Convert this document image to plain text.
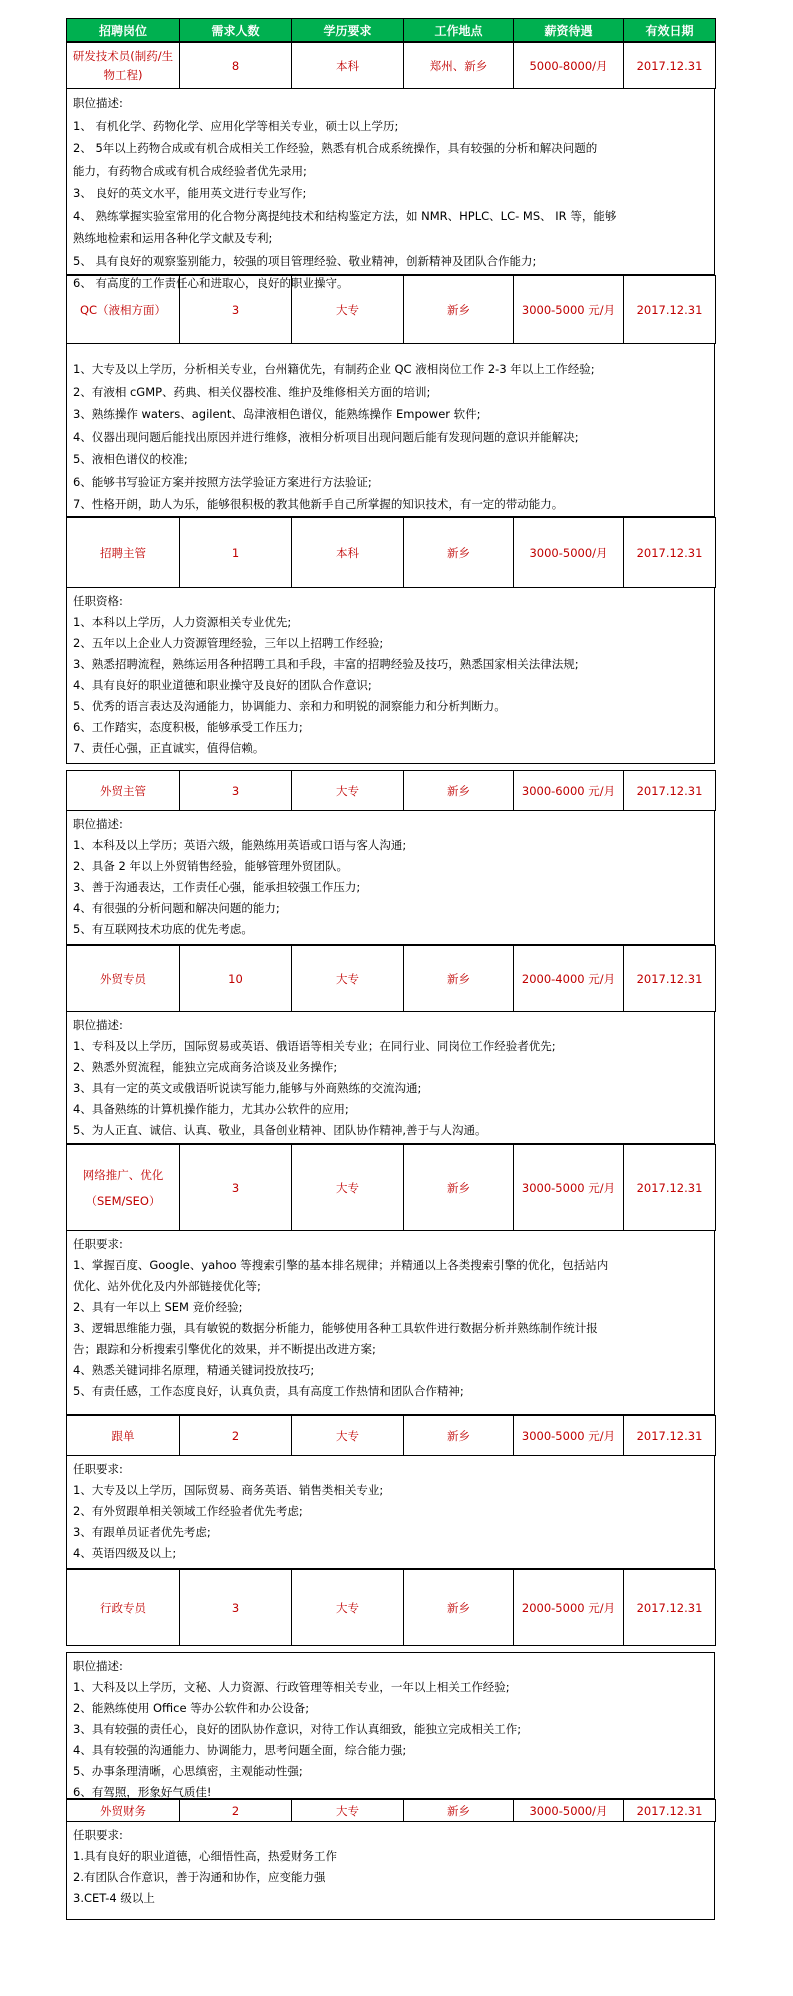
招聘岗位	需求人数	学历要求	工作地点	薪资待遇	有效日期
研发技术员(制药/生物工程)	8	本科	郑州、新乡	5000-8000/月	2017.12.31
职位描述:
1、 有机化学、药物化学、应用化学等相关专业，硕士以上学历;
2、 5年以上药物合成或有机合成相关工作经验，熟悉有机合成系统操作，具有较强的分析和解决问题的
能力，有药物合成或有机合成经验者优先录用;
3、 良好的英文水平，能用英文进行专业写作;
4、 熟练掌握实验室常用的化合物分离提纯技术和结构鉴定方法，如 NMR、HPLC、LC- MS、 IR 等，能够
熟练地检索和运用各种化学文献及专利;
5、 具有良好的观察鉴别能力，较强的项目管理经验、敬业精神，创新精神及团队合作能力;
6、 有高度的工作责任心和进取心，良好的职业操守。
QC（液相方面）	3	大专	新乡	3000-5000 元/月	2017.12.31
1、大专及以上学历，分析相关专业，台州籍优先，有制药企业 QC 液相岗位工作 2-3 年以上工作经验;
2、有液相 cGMP、药典、相关仪器校准、维护及维修相关方面的培训;
3、熟练操作 waters、agilent、岛津液相色谱仪，能熟练操作 Empower 软件;
4、仪器出现问题后能找出原因并进行维修，液相分析项目出现问题后能有发现问题的意识并能解决;
5、液相色谱仪的校准;
6、能够书写验证方案并按照方法学验证方案进行方法验证;
7、性格开朗，助人为乐，能够很积极的教其他新手自己所掌握的知识技术，有一定的带动能力。
招聘主管	1	本科	新乡	3000-5000/月	2017.12.31
任职资格:
1、本科以上学历，人力资源相关专业优先;
2、五年以上企业人力资源管理经验，三年以上招聘工作经验;
3、熟悉招聘流程，熟练运用各种招聘工具和手段，丰富的招聘经验及技巧，熟悉国家相关法律法规;
4、具有良好的职业道德和职业操守及良好的团队合作意识;
5、优秀的语言表达及沟通能力，协调能力、亲和力和明锐的洞察能力和分析判断力。
6、工作踏实，态度积极，能够承受工作压力;
7、责任心强，正直诚实，值得信赖。
外贸主管	3	大专	新乡	3000-6000 元/月	2017.12.31
职位描述:
1、本科及以上学历；英语六级，能熟练用英语或口语与客人沟通;
2、具备 2 年以上外贸销售经验，能够管理外贸团队。
3、善于沟通表达，工作责任心强，能承担较强工作压力;
4、有很强的分析问题和解决问题的能力;
5、有互联网技术功底的优先考虑。
外贸专员	10	大专	新乡	2000-4000 元/月	2017.12.31
职位描述:
1、专科及以上学历，国际贸易或英语、俄语语等相关专业；在同行业、同岗位工作经验者优先;
2、熟悉外贸流程，能独立完成商务洽谈及业务操作;
3、具有一定的英文或俄语听说读写能力,能够与外商熟练的交流沟通;
4、具备熟练的计算机操作能力，尤其办公软件的应用;
5、为人正直、诚信、认真、敬业，具备创业精神、团队协作精神,善于与人沟通。
网络推广、优化（SEM/SEO）	3	大专	新乡	3000-5000 元/月	2017.12.31
任职要求:
1、掌握百度、Google、yahoo 等搜索引擎的基本排名规律；并精通以上各类搜索引擎的优化，包括站内
优化、站外优化及内外部链接优化等;
2、具有一年以上 SEM 竞价经验;
3、逻辑思维能力强，具有敏锐的数据分析能力，能够使用各种工具软件进行数据分析并熟练制作统计报
告；跟踪和分析搜索引擎优化的效果，并不断提出改进方案;
4、熟悉关键词排名原理，精通关键词投放技巧;
5、有责任感，工作态度良好，认真负责，具有高度工作热情和团队合作精神;
跟单	2	大专	新乡	3000-5000 元/月	2017.12.31
任职要求:
1、大专及以上学历，国际贸易、商务英语、销售类相关专业;
2、有外贸跟单相关领域工作经验者优先考虑;
3、有跟单员证者优先考虑;
4、英语四级及以上;
行政专员	3	大专	新乡	2000-5000 元/月	2017.12.31
职位描述:
1、大科及以上学历，文秘、人力资源、行政管理等相关专业，一年以上相关工作经验;
2、能熟练使用 Office 等办公软件和办公设备;
3、具有较强的责任心，良好的团队协作意识，对待工作认真细致，能独立完成相关工作;
4、具有较强的沟通能力、协调能力，思考问题全面，综合能力强;
5、办事条理清晰，心思缜密，主观能动性强;
6、有驾照，形象好气质佳!
外贸财务	2	大专	新乡	3000-5000/月	2017.12.31
任职要求:
1.具有良好的职业道德，心细悟性高，热爱财务工作
2.有团队合作意识，善于沟通和协作，应变能力强
3.CET-4 级以上
